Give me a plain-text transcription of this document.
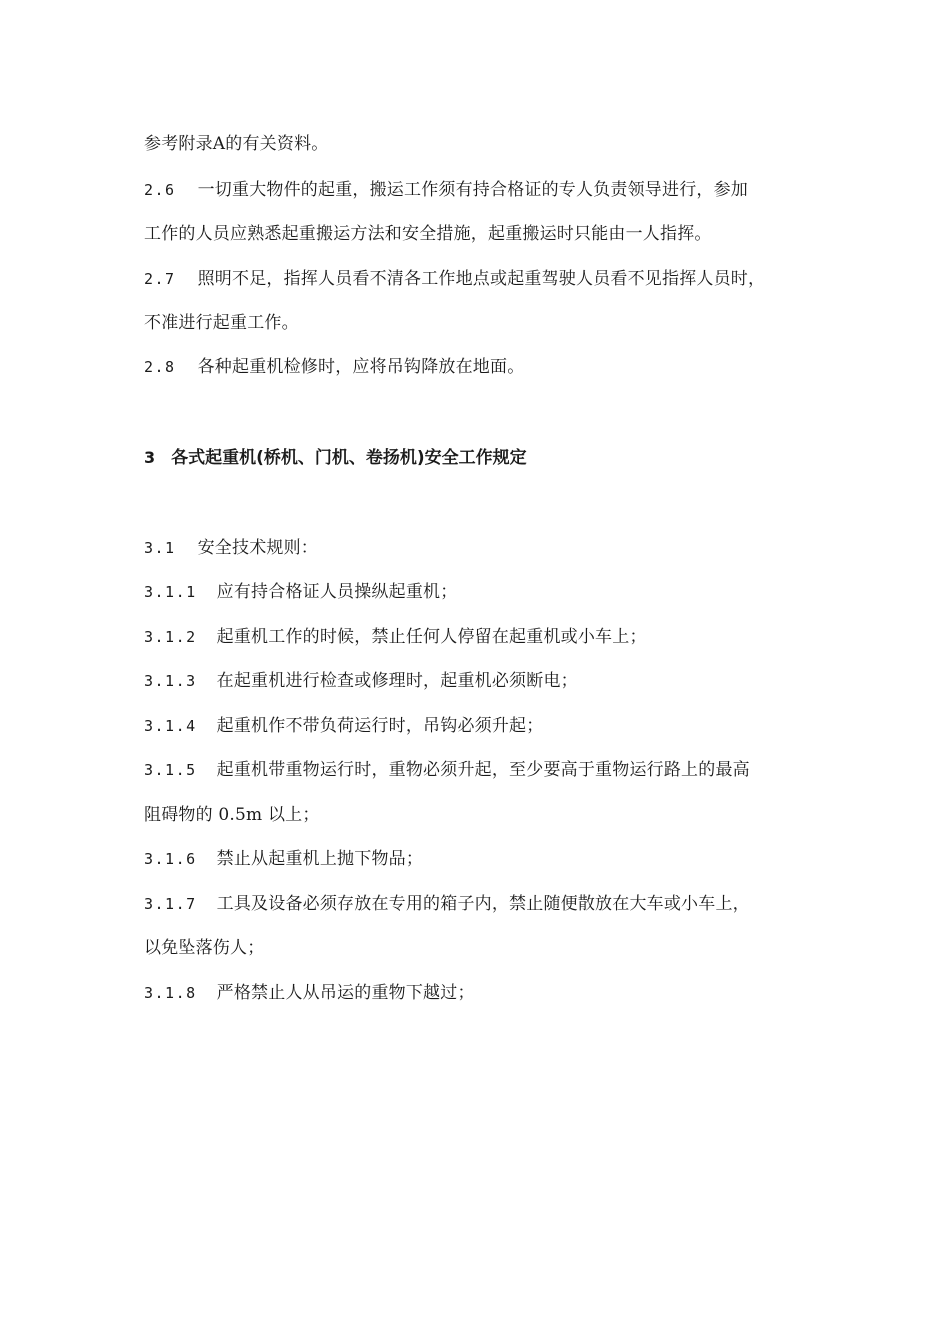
参考附录A的有关资料。
2.6 一切重大物件的起重，搬运工作须有持合格证的专人负责领导进行，参加
工作的人员应熟悉起重搬运方法和安全措施，起重搬运时只能由一人指挥。
2.7 照明不足，指挥人员看不清各工作地点或起重驾驶人员看不见指挥人员时，
不准进行起重工作。
2.8 各种起重机检修时，应将吊钩降放在地面。
3 各式起重机(桥机、门机、卷扬机)安全工作规定
3.1 安全技术规则：
3.1.1 应有持合格证人员操纵起重机；
3.1.2 起重机工作的时候，禁止任何人停留在起重机或小车上；
3.1.3 在起重机进行检查或修理时，起重机必须断电；
3.1.4 起重机作不带负荷运行时，吊钩必须升起；
3.1.5 起重机带重物运行时，重物必须升起，至少要高于重物运行路上的最高
阻碍物的 0.5m 以上；
3.1.6 禁止从起重机上抛下物品；
3.1.7 工具及设备必须存放在专用的箱子内，禁止随便散放在大车或小车上，
以免坠落伤人；
3.1.8 严格禁止人从吊运的重物下越过；
